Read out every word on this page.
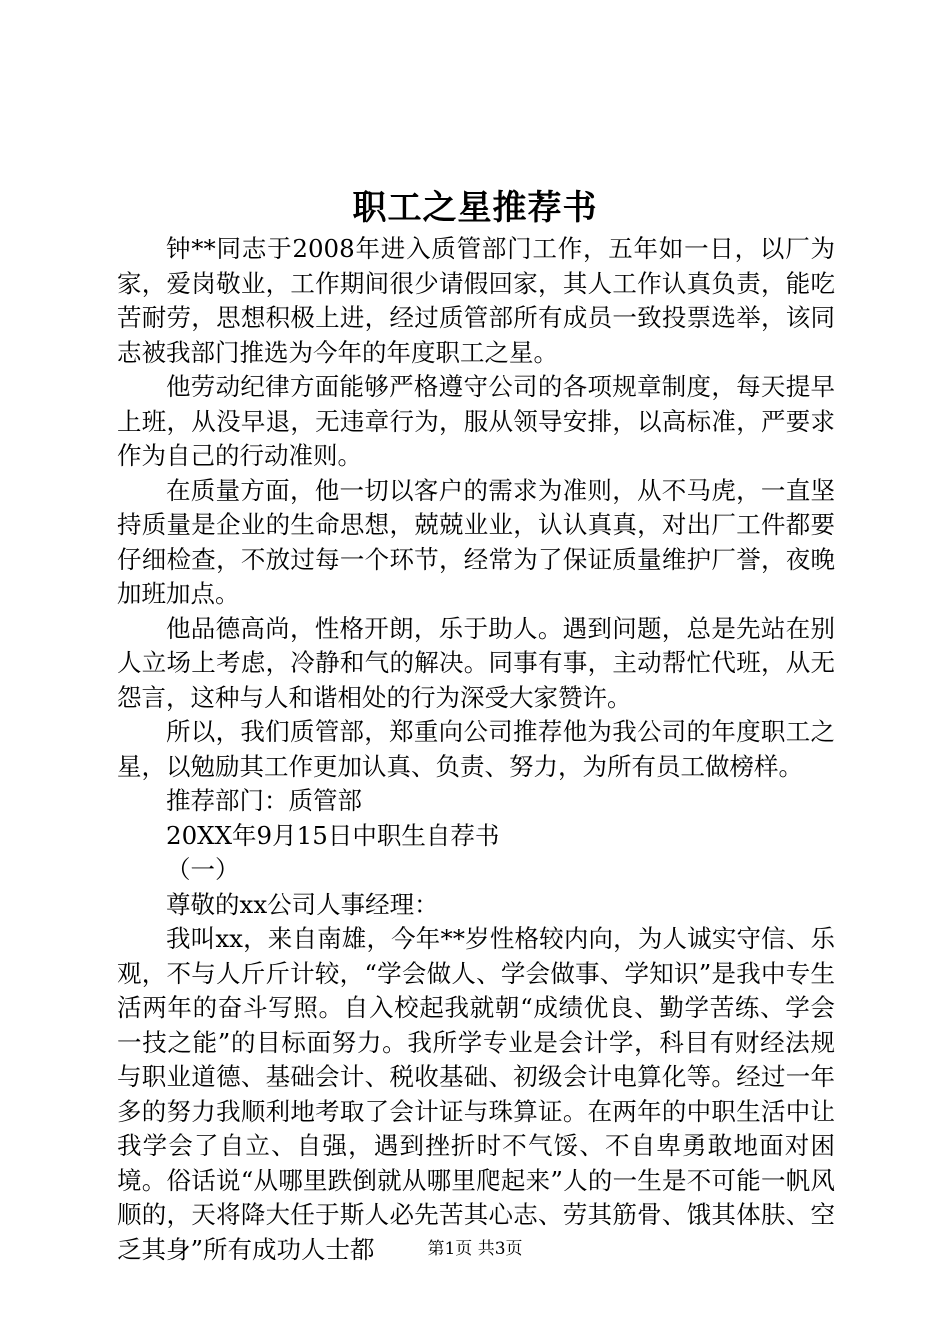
职工之星推荐书

钟**同志于2008年进入质管部门工作，五年如一日，以厂为家，爱岗敬业，工作期间很少请假回家，其人工作认真负责，能吃苦耐劳，思想积极上进，经过质管部所有成员一致投票选举，该同志被我部门推选为今年的年度职工之星。

他劳动纪律方面能够严格遵守公司的各项规章制度，每天提早上班，从没早退，无违章行为，服从领导安排，以高标准，严要求作为自己的行动准则。

在质量方面，他一切以客户的需求为准则，从不马虎，一直坚持质量是企业的生命思想，兢兢业业，认认真真，对出厂工件都要仔细检查，不放过每一个环节，经常为了保证质量维护厂誉，夜晚加班加点。

他品德高尚，性格开朗，乐于助人。遇到问题，总是先站在别人立场上考虑，冷静和气的解决。同事有事，主动帮忙代班，从无怨言，这种与人和谐相处的行为深受大家赞许。

所以，我们质管部，郑重向公司推荐他为我公司的年度职工之星，以勉励其工作更加认真、负责、努力，为所有员工做榜样。

推荐部门：质管部

20XX年9月15日中职生自荐书

（一）

尊敬的xx公司人事经理：

我叫xx，来自南雄，今年**岁性格较内向，为人诚实守信、乐观，不与人斤斤计较，“学会做人、学会做事、学知识”是我中专生活两年的奋斗写照。自入校起我就朝“成绩优良、勤学苦练、学会一技之能”的目标面努力。我所学专业是会计学，科目有财经法规与职业道德、基础会计、税收基础、初级会计电算化等。经过一年多的努力我顺利地考取了会计证与珠算证。在两年的中职生活中让我学会了自立、自强，遇到挫折时不气馁、不自卑勇敢地面对困境。俗话说“从哪里跌倒就从哪里爬起来”人的一生是不可能一帆风顺的，天将降大任于斯人必先苦其心志、劳其筋骨、饿其体肤、空乏其身”所有成功人士都	第1页 共3页
